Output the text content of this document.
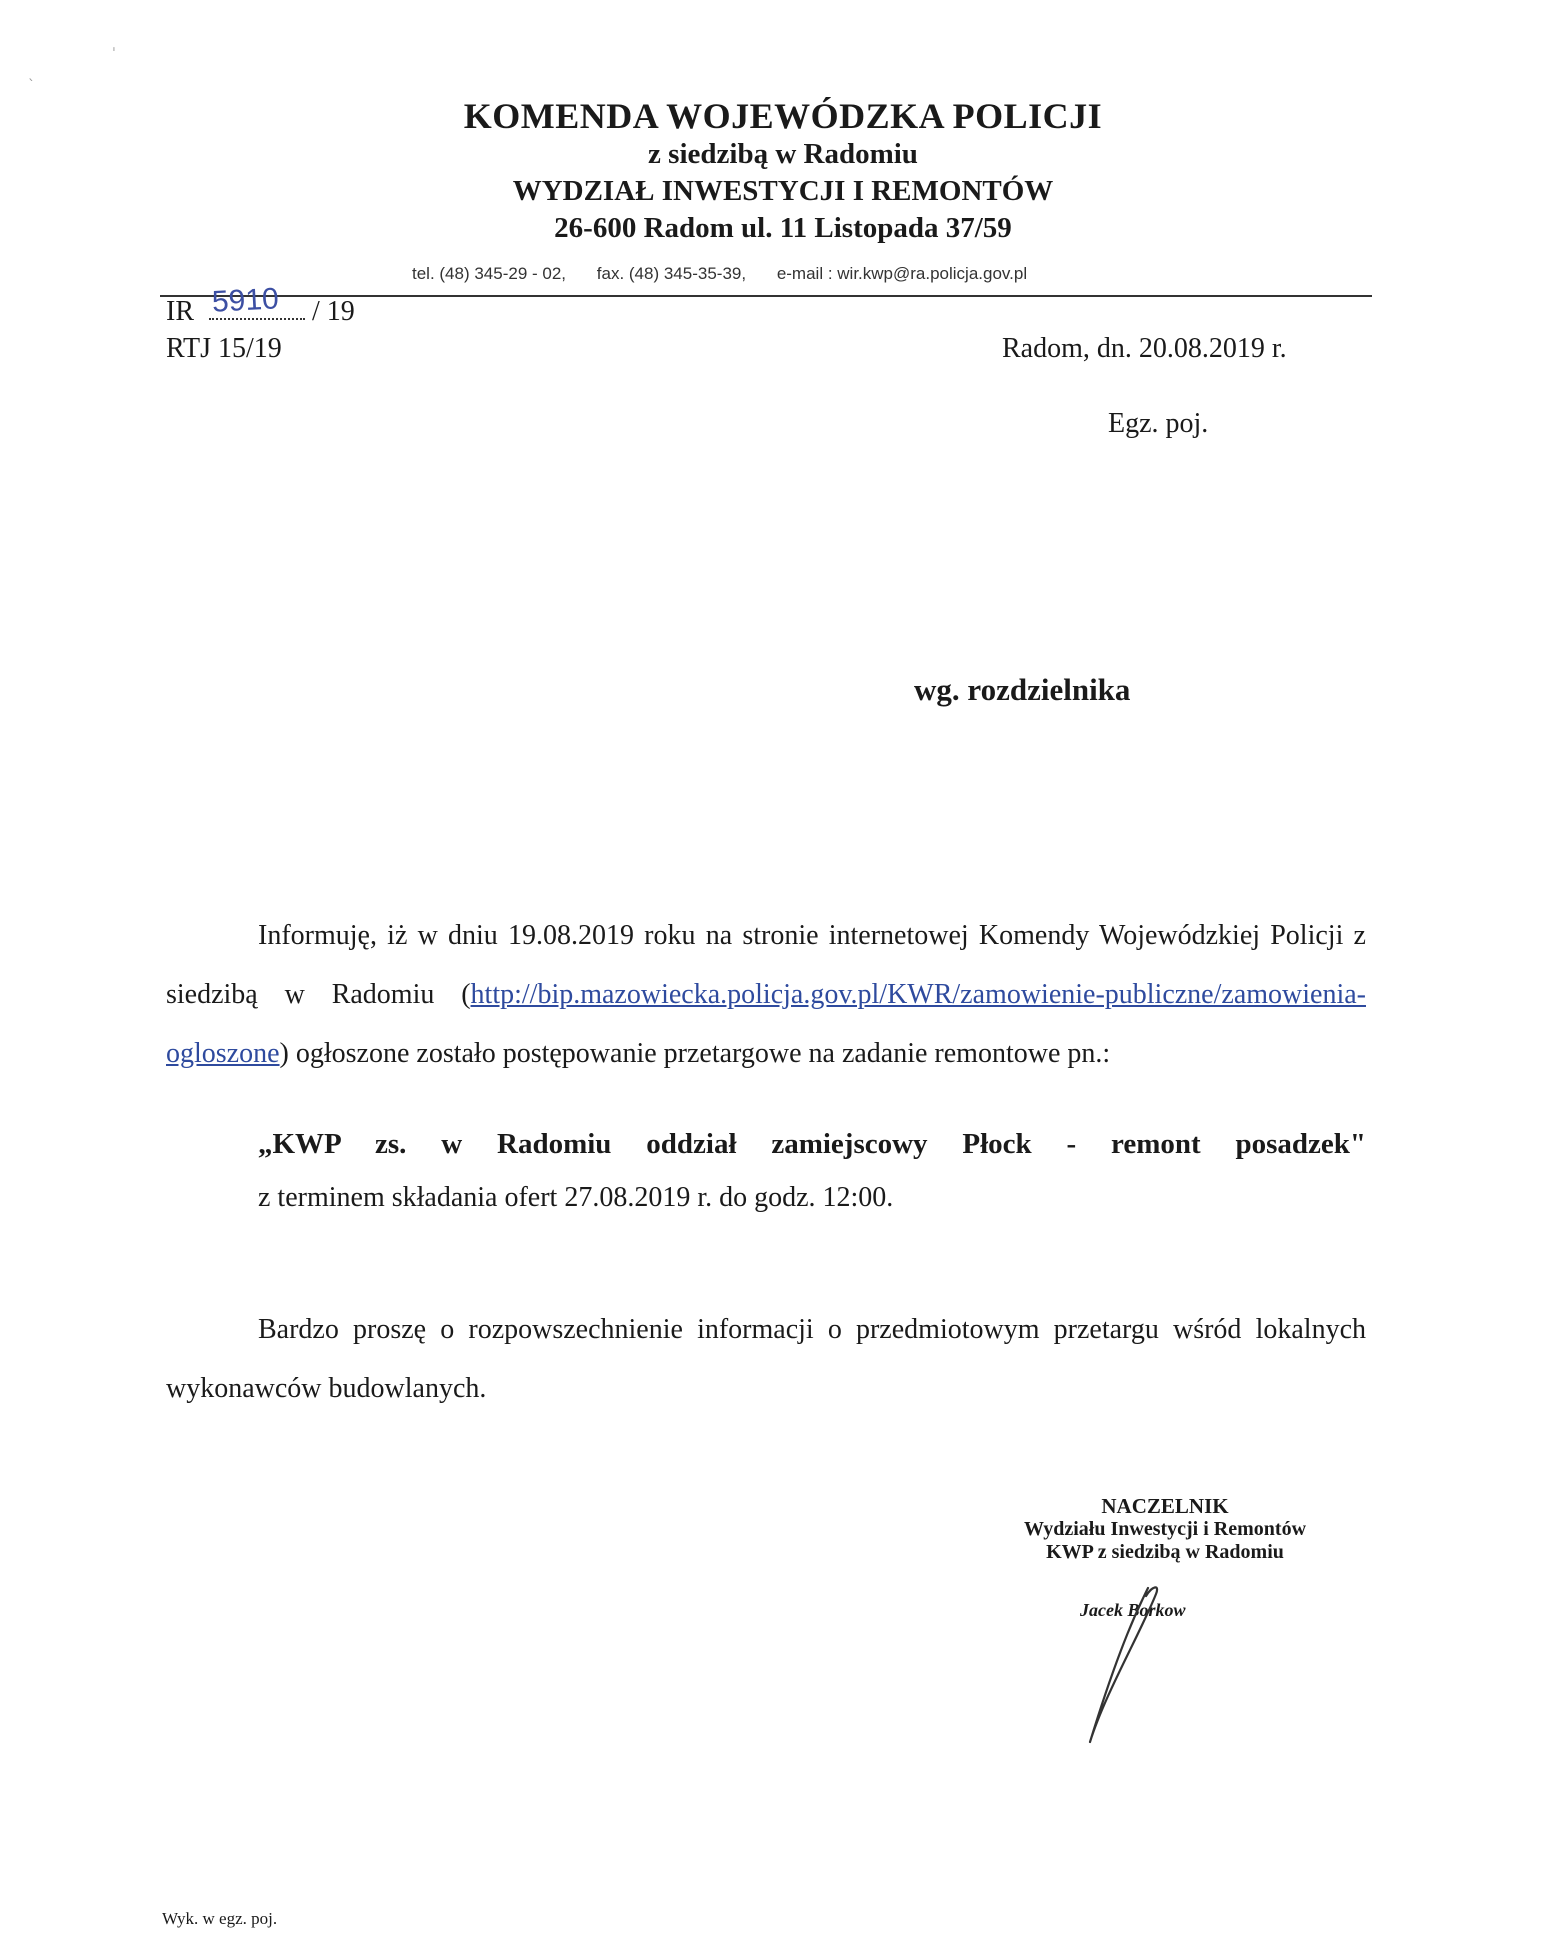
ˈ
ˋ
KOMENDA WOJEWÓDZKA POLICJI
z siedzibą w Radomiu
WYDZIAŁ INWESTYCJI I REMONTÓW
26-600 Radom ul. 11 Listopada 37/59
tel. (48) 345-29 - 02, fax. (48) 345-35-39, e-mail : wir.kwp@ra.policja.gov.pl
IR 5910 / 19
RTJ 15/19	Radom, dn. 20.08.2019 r.
Egz. poj.
wg. rozdzielnika
Informuję, iż w dniu 19.08.2019 roku na stronie internetowej Komendy Wojewódzkiej Policji z siedzibą w Radomiu (http://bip.mazowiecka.policja.gov.pl/KWR/zamowienie-publiczne/zamowienia-ogloszone) ogłoszone zostało postępowanie przetargowe na zadanie remontowe pn.:
„KWP zs. w Radomiu oddział zamiejscowy Płock - remont posadzek"
z terminem składania ofert 27.08.2019 r. do godz. 12:00.
Bardzo proszę o rozpowszechnienie informacji o przedmiotowym przetargu wśród lokalnych wykonawców budowlanych.
NACZELNIK
Wydziału Inwestycji i Remontów
KWP z siedzibą w Radomiu
Jacek Borkow
Wyk. w egz. poj.
